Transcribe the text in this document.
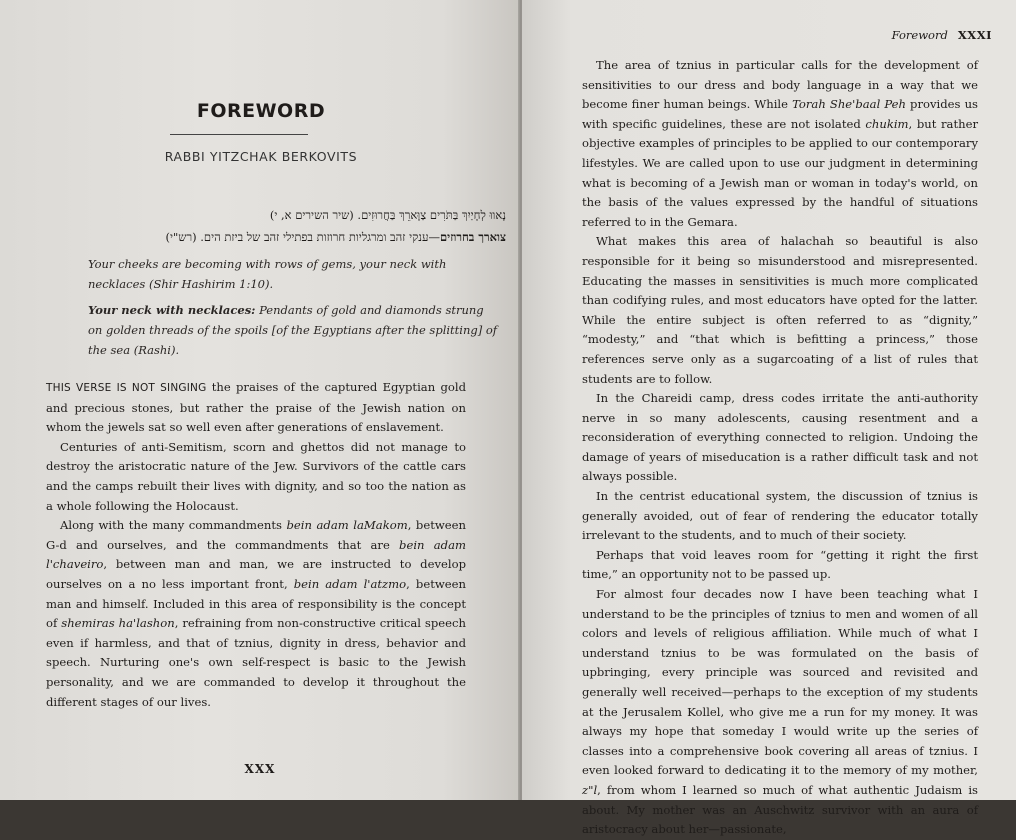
FOREWORD
RABBI YITZCHAK BERKOVITS
נָאווּ לְחָיַיִךְ בַּתֹּרִים צַוָּארֵךְ בַּחֲרוּזִים. (שיר השירים א, י)
צוארך בחרוזים—ענקי זהב ומרגליות חרוזות בפתילי זהב של ביזת הים. (רש"י)

Your cheeks are becoming with rows of gems, your neck with necklaces (Shir Hashirim 1:10).

Your neck with necklaces: Pendants of gold and diamonds strung on golden threads of the spoils [of the Egyptians after the splitting] of the sea (Rashi).

THIS VERSE IS NOT SINGING the praises of the captured Egyptian gold and precious stones, but rather the praise of the Jewish nation on whom the jewels sat so well even after generations of enslavement.

Centuries of anti-Semitism, scorn and ghettos did not manage to destroy the aristocratic nature of the Jew. Survivors of the cattle cars and the camps rebuilt their lives with dignity, and so too the nation as a whole following the Holocaust.

Along with the many commandments bein adam laMakom, between G-d and ourselves, and the commandments that are bein adam l'chaveiro, between man and man, we are instructed to develop ourselves on a no less important front, bein adam l'atzmo, between man and himself. Included in this area of responsibility is the concept of shemiras ha'lashon, refraining from non-constructive critical speech even if harmless, and that of tznius, dignity in dress, behavior and speech. Nurturing one's own self-respect is basic to the Jewish personality, and we are commanded to develop it throughout the different stages of our lives.

XXX
Foreword XXXI

The area of tznius in particular calls for the development of sensitivities to our dress and body language in a way that we become finer human beings. While Torah She'baal Peh provides us with specific guidelines, these are not isolated chukim, but rather objective examples of principles to be applied to our contemporary lifestyles. We are called upon to use our judgment in determining what is becoming of a Jewish man or woman in today's world, on the basis of the values expressed by the handful of situations referred to in the Gemara.

What makes this area of halachah so beautiful is also responsible for it being so misunderstood and misrepresented. Educating the masses in sensitivities is much more complicated than codifying rules, and most educators have opted for the latter. While the entire subject is often referred to as “dignity,” “modesty,” and “that which is befitting a princess,” those references serve only as a sugarcoating of a list of rules that students are to follow.

In the Chareidi camp, dress codes irritate the anti-authority nerve in so many adolescents, causing resentment and a reconsideration of everything connected to religion. Undoing the damage of years of miseducation is a rather difficult task and not always possible.

In the centrist educational system, the discussion of tznius is generally avoided, out of fear of rendering the educator totally irrelevant to the students, and to much of their society.

Perhaps that void leaves room for “getting it right the first time,” an opportunity not to be passed up.

For almost four decades now I have been teaching what I understand to be the principles of tznius to men and women of all colors and levels of religious affiliation. While much of what I understand tznius to be was formulated on the basis of upbringing, every principle was sourced and revisited and generally well received—perhaps to the exception of my students at the Jerusalem Kollel, who give me a run for my money. It was always my hope that someday I would write up the series of classes into a comprehensive book covering all areas of tznius. I even looked forward to dedicating it to the memory of my mother, z"l, from whom I learned so much of what authentic Judaism is about. My mother was an Auschwitz survivor with an aura of aristocracy about her—passionate,
